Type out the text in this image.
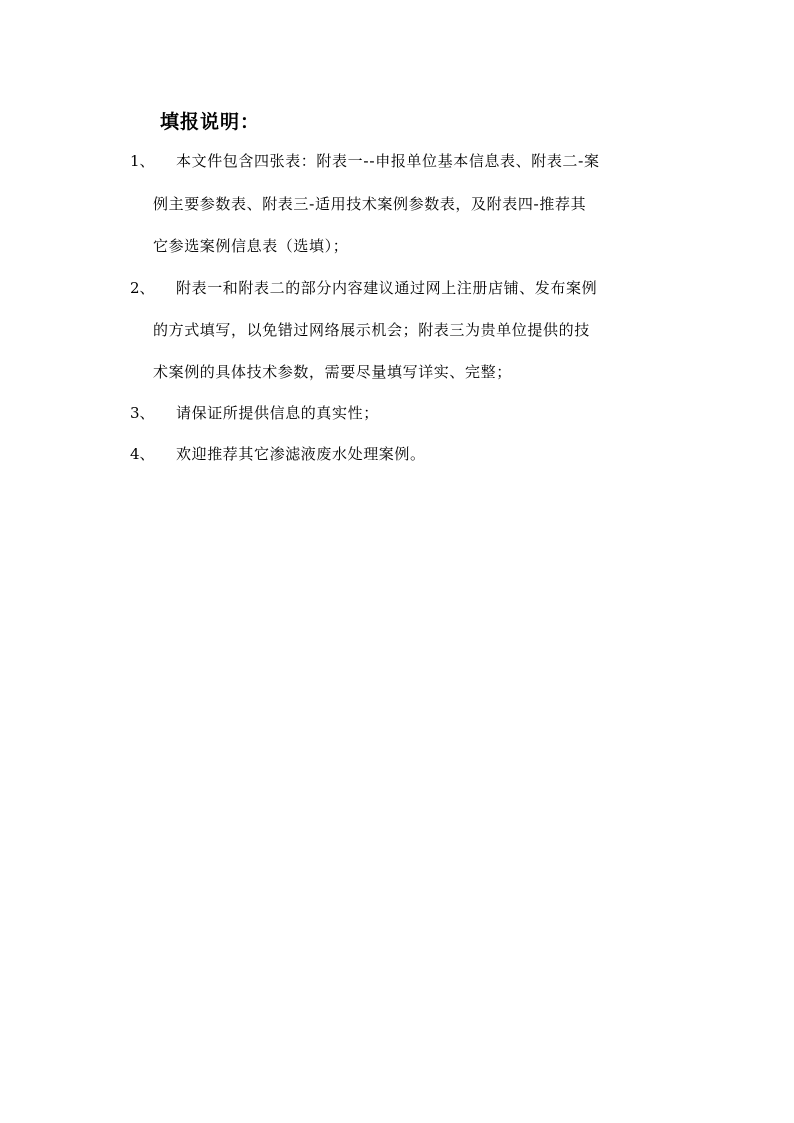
填报说明：
1、 本文件包含四张表：附表一--申报单位基本信息表、附表二-案
例主要参数表、附表三-适用技术案例参数表，及附表四-推荐其
它参选案例信息表（选填）；
2、 附表一和附表二的部分内容建议通过网上注册店铺、发布案例
的方式填写，以免错过网络展示机会；附表三为贵单位提供的技
术案例的具体技术参数，需要尽量填写详实、完整；
3、 请保证所提供信息的真实性；
4、 欢迎推荐其它渗滤液废水处理案例。
